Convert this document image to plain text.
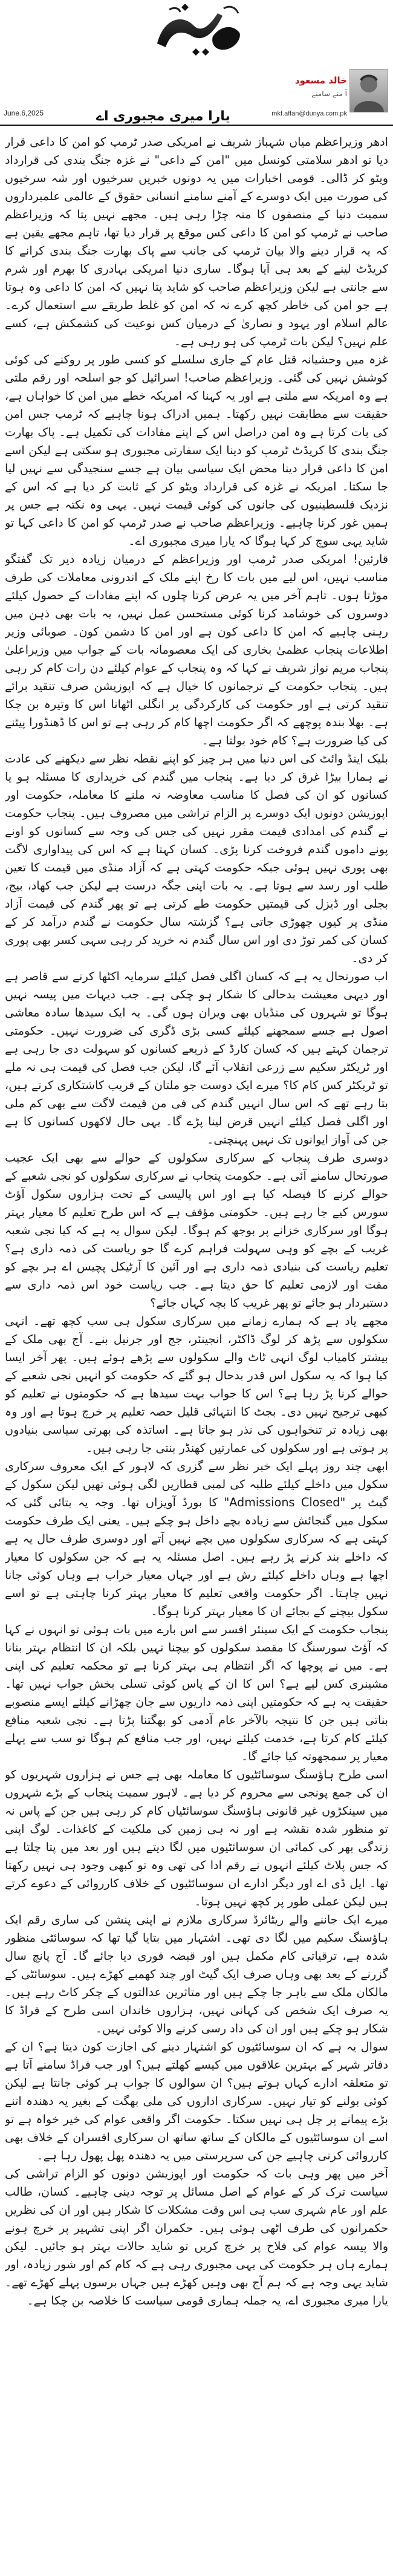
June.6,2025	یارا میری مجبوری اے
خالد مسعود
آ منے سامنے
mkf.affan@dunya.com.pk

ادھر وزیراعظم میاں شہباز شریف نے امریکی صدر ٹرمپ کو امن کا داعی قرار دیا تو ادھر سلامتی کونسل میں "امن کے داعی" نے غزہ جنگ بندی کی قرارداد ویٹو کر ڈالی۔ قومی اخبارات میں یہ دونوں خبریں سرخیوں اور شہ سرخیوں کی صورت میں ایک دوسرے کے آمنے سامنے انسانی حقوق کے عالمی علمبرداروں سمیت دنیا کے منصفوں کا منہ چڑا رہی ہیں۔ مجھے نہیں پتا کہ وزیراعظم صاحب نے ٹرمپ کو امن کا داعی کس موقع پر قرار دیا تھا، تاہم مجھے یقین ہے کہ یہ قرار دینے والا بیان ٹرمپ کی جانب سے پاک بھارت جنگ بندی کرانے کا کریڈٹ لینے کے بعد ہی آیا ہوگا۔ ساری دنیا امریکی بہادری کا بھرم اور شرم سے جانتی ہے لیکن وزیراعظم صاحب کو شاید پتا نہیں کہ امن کا داعی وہ ہوتا ہے جو امن کی خاطر کچھ کرے نہ کہ امن کو غلط طریقے سے استعمال کرے۔ عالم اسلام اور یہود و نصاریٰ کے درمیان کس نوعیت کی کشمکش ہے، کسے علم نہیں؟ لیکن بات ٹرمپ کی ہو رہی ہے۔

غزہ میں وحشیانہ قتل عام کے جاری سلسلے کو کسی طور پر روکنے کی کوئی کوشش نہیں کی گئی۔ وزیراعظم صاحب! اسرائیل کو جو اسلحہ اور رقم ملتی ہے وہ امریکہ سے ملتی ہے اور یہ کہنا کہ امریکہ خطے میں امن کا خواہاں ہے، حقیقت سے مطابقت نہیں رکھتا۔ ہمیں ادراک ہونا چاہیے کہ ٹرمپ جس امن کی بات کرتا ہے وہ امن دراصل اس کے اپنے مفادات کی تکمیل ہے۔ پاک بھارت جنگ بندی کا کریڈٹ ٹرمپ کو دینا ایک سفارتی مجبوری ہو سکتی ہے لیکن اسے امن کا داعی قرار دینا محض ایک سیاسی بیان ہے جسے سنجیدگی سے نہیں لیا جا سکتا۔ امریکہ نے غزہ کی قرارداد ویٹو کر کے ثابت کر دیا ہے کہ اس کے نزدیک فلسطینیوں کی جانوں کی کوئی قیمت نہیں۔ یہی وہ نکتہ ہے جس پر ہمیں غور کرنا چاہیے۔ وزیراعظم صاحب نے صدر ٹرمپ کو امن کا داعی کہا تو شاید یہی سوچ کر کہا ہوگا کہ یارا میری مجبوری اے۔

قارئین! امریکی صدر ٹرمپ اور وزیراعظم کے درمیان زیادہ دیر تک گفتگو مناسب نہیں، اس لیے میں بات کا رخ اپنے ملک کے اندرونی معاملات کی طرف موڑتا ہوں۔ تاہم آخر میں یہ عرض کرتا چلوں کہ اپنے مفادات کے حصول کیلئے دوسروں کی خوشامد کرنا کوئی مستحسن عمل نہیں، یہ بات بھی ذہن میں رہنی چاہیے کہ امن کا داعی کون ہے اور امن کا دشمن کون۔ صوبائی وزیر اطلاعات پنجاب عظمیٰ بخاری کی ایک معصومانہ بات کے جواب میں وزیراعلیٰ پنجاب مریم نواز شریف نے کہا کہ وہ پنجاب کے عوام کیلئے دن رات کام کر رہی ہیں۔ پنجاب حکومت کے ترجمانوں کا خیال ہے کہ اپوزیشن صرف تنقید برائے تنقید کرتی ہے اور حکومت کی کارکردگی پر انگلی اٹھانا اس کا وتیرہ بن چکا ہے۔ بھلا بندہ پوچھے کہ اگر حکومت اچھا کام کر رہی ہے تو اس کا ڈھنڈورا پیٹنے کی کیا ضرورت ہے؟ کام خود بولتا ہے۔

بلیک اینڈ وائٹ کی اس دنیا میں ہر چیز کو اپنے نقطہ نظر سے دیکھنے کی عادت نے ہمارا بیڑا غرق کر دیا ہے۔ پنجاب میں گندم کی خریداری کا مسئلہ ہو یا کسانوں کو ان کی فصل کا مناسب معاوضہ نہ ملنے کا معاملہ، حکومت اور اپوزیشن دونوں ایک دوسرے پر الزام تراشی میں مصروف ہیں۔ پنجاب حکومت نے گندم کی امدادی قیمت مقرر نہیں کی جس کی وجہ سے کسانوں کو اونے پونے داموں گندم فروخت کرنا پڑی۔ کسان کہتا ہے کہ اس کی پیداواری لاگت بھی پوری نہیں ہوئی جبکہ حکومت کہتی ہے کہ آزاد منڈی میں قیمت کا تعین طلب اور رسد سے ہوتا ہے۔ یہ بات اپنی جگہ درست ہے لیکن جب کھاد، بیج، بجلی اور ڈیزل کی قیمتیں حکومت طے کرتی ہے تو پھر گندم کی قیمت آزاد منڈی پر کیوں چھوڑی جاتی ہے؟ گزشتہ سال حکومت نے گندم درآمد کر کے کسان کی کمر توڑ دی اور اس سال گندم نہ خرید کر رہی سہی کسر بھی پوری کر دی۔

اب صورتحال یہ ہے کہ کسان اگلی فصل کیلئے سرمایہ اکٹھا کرنے سے قاصر ہے اور دیہی معیشت بدحالی کا شکار ہو چکی ہے۔ جب دیہات میں پیسہ نہیں ہوگا تو شہروں کی منڈیاں بھی ویران ہوں گی۔ یہ ایک سیدھا سادہ معاشی اصول ہے جسے سمجھنے کیلئے کسی بڑی ڈگری کی ضرورت نہیں۔ حکومتی ترجمان کہتے ہیں کہ کسان کارڈ کے ذریعے کسانوں کو سہولت دی جا رہی ہے اور ٹریکٹر سکیم سے زرعی انقلاب آئے گا، لیکن جب فصل کی قیمت ہی نہ ملے تو ٹریکٹر کس کام کا؟ میرے ایک دوست جو ملتان کے قریب کاشتکاری کرتے ہیں، بتا رہے تھے کہ اس سال انہیں گندم کی فی من قیمت لاگت سے بھی کم ملی اور اگلی فصل کیلئے انہیں قرض لینا پڑے گا۔ یہی حال لاکھوں کسانوں کا ہے جن کی آواز ایوانوں تک نہیں پہنچتی۔

دوسری طرف پنجاب کے سرکاری سکولوں کے حوالے سے بھی ایک عجیب صورتحال سامنے آئی ہے۔ حکومت پنجاب نے سرکاری سکولوں کو نجی شعبے کے حوالے کرنے کا فیصلہ کیا ہے اور اس پالیسی کے تحت ہزاروں سکول آؤٹ سورس کیے جا رہے ہیں۔ حکومتی مؤقف ہے کہ اس طرح تعلیم کا معیار بہتر ہوگا اور سرکاری خزانے پر بوجھ کم ہوگا۔ لیکن سوال یہ ہے کہ کیا نجی شعبہ غریب کے بچے کو وہی سہولت فراہم کرے گا جو ریاست کی ذمہ داری ہے؟ تعلیم ریاست کی بنیادی ذمہ داری ہے اور آئین کا آرٹیکل پچیس اے ہر بچے کو مفت اور لازمی تعلیم کا حق دیتا ہے۔ جب ریاست خود اس ذمہ داری سے دستبردار ہو جائے تو پھر غریب کا بچہ کہاں جائے؟

مجھے یاد ہے کہ ہمارے زمانے میں سرکاری سکول ہی سب کچھ تھے۔ انہی سکولوں سے پڑھ کر لوگ ڈاکٹر، انجینئر، جج اور جرنیل بنے۔ آج بھی ملک کے بیشتر کامیاب لوگ انہی ٹاٹ والے سکولوں سے پڑھے ہوئے ہیں۔ پھر آخر ایسا کیا ہوا کہ یہ سکول اس قدر بدحال ہو گئے کہ حکومت کو انہیں نجی شعبے کے حوالے کرنا پڑ رہا ہے؟ اس کا جواب بہت سیدھا ہے کہ حکومتوں نے تعلیم کو کبھی ترجیح نہیں دی۔ بجٹ کا انتہائی قلیل حصہ تعلیم پر خرچ ہوتا ہے اور وہ بھی زیادہ تر تنخواہوں کی نذر ہو جاتا ہے۔ اساتذہ کی بھرتی سیاسی بنیادوں پر ہوتی ہے اور سکولوں کی عمارتیں کھنڈر بنتی جا رہی ہیں۔

ابھی چند روز پہلے ایک خبر نظر سے گزری کہ لاہور کے ایک معروف سرکاری سکول میں داخلے کیلئے طلبہ کی لمبی قطاریں لگی ہوئی تھیں لیکن سکول کے گیٹ پر "Admissions Closed" کا بورڈ آویزاں تھا۔ وجہ یہ بتائی گئی کہ سکول میں گنجائش سے زیادہ بچے داخل ہو چکے ہیں۔ یعنی ایک طرف حکومت کہتی ہے کہ سرکاری سکولوں میں بچے نہیں آتے اور دوسری طرف حال یہ ہے کہ داخلے بند کرنے پڑ رہے ہیں۔ اصل مسئلہ یہ ہے کہ جن سکولوں کا معیار اچھا ہے وہاں داخلے کیلئے رش ہے اور جہاں معیار خراب ہے وہاں کوئی جانا نہیں چاہتا۔ اگر حکومت واقعی تعلیم کا معیار بہتر کرنا چاہتی ہے تو اسے سکول بیچنے کے بجائے ان کا معیار بہتر کرنا ہوگا۔

پنجاب حکومت کے ایک سینئر افسر سے اس بارے میں بات ہوئی تو انہوں نے کہا کہ آؤٹ سورسنگ کا مقصد سکولوں کو بیچنا نہیں بلکہ ان کا انتظام بہتر بنانا ہے۔ میں نے پوچھا کہ اگر انتظام ہی بہتر کرنا ہے تو محکمہ تعلیم کی اپنی مشینری کس لیے ہے؟ اس کا ان کے پاس کوئی تسلی بخش جواب نہیں تھا۔ حقیقت یہ ہے کہ حکومتیں اپنی ذمہ داریوں سے جان چھڑانے کیلئے ایسے منصوبے بناتی ہیں جن کا نتیجہ بالآخر عام آدمی کو بھگتنا پڑتا ہے۔ نجی شعبہ منافع کیلئے کام کرتا ہے، خدمت کیلئے نہیں، اور جب منافع کم ہوگا تو سب سے پہلے معیار پر سمجھوتہ کیا جائے گا۔

اسی طرح ہاؤسنگ سوسائٹیوں کا معاملہ بھی ہے جس نے ہزاروں شہریوں کو ان کی جمع پونجی سے محروم کر دیا ہے۔ لاہور سمیت پنجاب کے بڑے شہروں میں سینکڑوں غیر قانونی ہاؤسنگ سوسائٹیاں کام کر رہی ہیں جن کے پاس نہ تو منظور شدہ نقشہ ہے اور نہ ہی زمین کی ملکیت کے کاغذات۔ لوگ اپنی زندگی بھر کی کمائی ان سوسائٹیوں میں لگا دیتے ہیں اور بعد میں پتا چلتا ہے کہ جس پلاٹ کیلئے انہوں نے رقم ادا کی تھی وہ تو کبھی وجود ہی نہیں رکھتا تھا۔ ایل ڈی اے اور دیگر ادارے ان سوسائٹیوں کے خلاف کارروائی کے دعوے کرتے ہیں لیکن عملی طور پر کچھ نہیں ہوتا۔

میرے ایک جاننے والے ریٹائرڈ سرکاری ملازم نے اپنی پنشن کی ساری رقم ایک ہاؤسنگ سکیم میں لگا دی تھی۔ اشتہار میں بتایا گیا تھا کہ سوسائٹی منظور شدہ ہے، ترقیاتی کام مکمل ہیں اور قبضہ فوری دیا جائے گا۔ آج پانچ سال گزرنے کے بعد بھی وہاں صرف ایک گیٹ اور چند کھمبے کھڑے ہیں۔ سوسائٹی کے مالکان ملک سے باہر جا چکے ہیں اور متاثرین عدالتوں کے چکر کاٹ رہے ہیں۔ یہ صرف ایک شخص کی کہانی نہیں، ہزاروں خاندان اسی طرح کے فراڈ کا شکار ہو چکے ہیں اور ان کی داد رسی کرنے والا کوئی نہیں۔

سوال یہ ہے کہ ان سوسائٹیوں کو اشتہار دینے کی اجازت کون دیتا ہے؟ ان کے دفاتر شہر کے بہترین علاقوں میں کیسے کھلتے ہیں؟ اور جب فراڈ سامنے آتا ہے تو متعلقہ ادارے کہاں ہوتے ہیں؟ ان سوالوں کا جواب ہر کوئی جانتا ہے لیکن کوئی بولنے کو تیار نہیں۔ سرکاری اداروں کی ملی بھگت کے بغیر یہ دھندہ اتنے بڑے پیمانے پر چل ہی نہیں سکتا۔ حکومت اگر واقعی عوام کی خیر خواہ ہے تو اسے ان سوسائٹیوں کے مالکان کے ساتھ ساتھ ان سرکاری افسران کے خلاف بھی کارروائی کرنی چاہیے جن کی سرپرستی میں یہ دھندہ پھل پھول رہا ہے۔

آخر میں پھر وہی بات کہ حکومت اور اپوزیشن دونوں کو الزام تراشی کی سیاست ترک کر کے عوام کے اصل مسائل پر توجہ دینی چاہیے۔ کسان، طالب علم اور عام شہری سب ہی اس وقت مشکلات کا شکار ہیں اور ان کی نظریں حکمرانوں کی طرف اٹھی ہوئی ہیں۔ حکمران اگر اپنی تشہیر پر خرچ ہونے والا پیسہ عوام کی فلاح پر خرچ کریں تو شاید حالات بہتر ہو جائیں۔ لیکن ہمارے ہاں ہر حکومت کی یہی مجبوری رہی ہے کہ کام کم اور شور زیادہ، اور شاید یہی وجہ ہے کہ ہم آج بھی وہیں کھڑے ہیں جہاں برسوں پہلے کھڑے تھے۔ یارا میری مجبوری اے، یہ جملہ ہماری قومی سیاست کا خلاصہ بن چکا ہے۔
